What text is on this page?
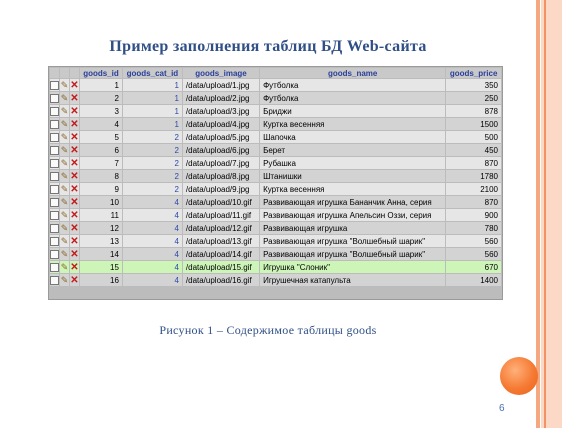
Пример заполнения таблиц БД Web-сайта
			goods_id	goods_cat_id	goods_image	goods_name	goods_price
	✎	✕	1	1	/data/upload/1.jpg	Футболка	350
	✎	✕	2	1	/data/upload/2.jpg	Футболка	250
	✎	✕	3	1	/data/upload/3.jpg	Бриджи	878
	✎	✕	4	1	/data/upload/4.jpg	Куртка весенняя	1500
	✎	✕	5	2	/data/upload/5.jpg	Шапочка	500
	✎	✕	6	2	/data/upload/6.jpg	Берет	450
	✎	✕	7	2	/data/upload/7.jpg	Рубашка	870
	✎	✕	8	2	/data/upload/8.jpg	Штанишки	1780
	✎	✕	9	2	/data/upload/9.jpg	Куртка весенняя	2100
	✎	✕	10	4	/data/upload/10.gif	Развивающая игрушка Бананчик Анна, серия	870
	✎	✕	11	4	/data/upload/11.gif	Развивающая игрушка Апельсин Оззи, серия	900
	✎	✕	12	4	/data/upload/12.gif	Развивающая игрушка	780
	✎	✕	13	4	/data/upload/13.gif	Развивающая игрушка "Волшебный шарик"	560
	✎	✕	14	4	/data/upload/14.gif	Развивающая игрушка "Волшебный шарик"	560
	✎	✕	15	4	/data/upload/15.gif	Игрушка "Слоник"	670
	✎	✕	16	4	/data/upload/16.gif	Игрушечная катапульта	1400
Рисунок 1 – Содержимое таблицы goods
6
